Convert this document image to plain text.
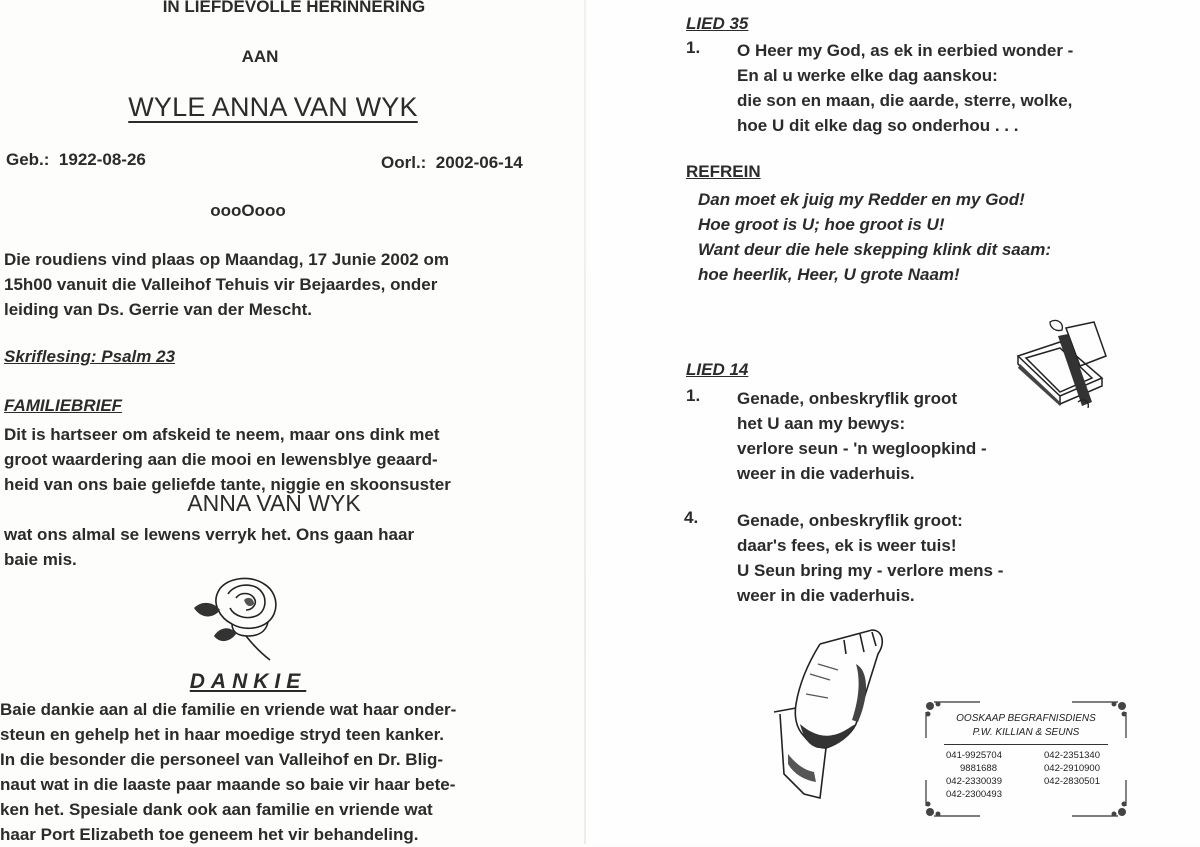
IN LIEFDEVOLLE HERINNERING
AAN
WYLE ANNA VAN WYK
Geb.: 1922-08-26	Oorl.: 2002-06-14
oooOooo
Die roudiens vind plaas op Maandag, 17 Junie 2002 om
15h00 vanuit die Valleihof Tehuis vir Bejaardes, onder
leiding van Ds. Gerrie van der Mescht.
Skriflesing: Psalm 23
FAMILIEBRIEF
Dit is hartseer om afskeid te neem, maar ons dink met
groot waardering aan die mooi en lewensblye geaard-
heid van ons baie geliefde tante, niggie en skoonsuster
ANNA VAN WYK
wat ons almal se lewens verryk het. Ons gaan haar
baie mis.
DANKIE
Baie dankie aan al die familie en vriende wat haar onder-
steun en gehelp het in haar moedige stryd teen kanker.
In die besonder die personeel van Valleihof en Dr. Blig-
naut wat in die laaste paar maande so baie vir haar bete-
ken het. Spesiale dank ook aan familie en vriende wat
haar Port Elizabeth toe geneem het vir behandeling.
LIED 35
1. O Heer my God, as ek in eerbied wonder -
En al u werke elke dag aanskou:
die son en maan, die aarde, sterre, wolke,
hoe U dit elke dag so onderhou . . .
REFREIN
Dan moet ek juig my Redder en my God!
Hoe groot is U; hoe groot is U!
Want deur die hele skepping klink dit saam:
hoe heerlik, Heer, U grote Naam!
LIED 14
1. Genade, onbeskryflik groot
het U aan my bewys:
verlore seun - 'n wegloopkind -
weer in die vaderhuis.
4. Genade, onbeskryflik groot:
daar's fees, ek is weer tuis!
U Seun bring my - verlore mens -
weer in die vaderhuis.
OOSKAAP BEGRAFNISDIENS
P.W. KILLIAN & SEUNS
041-9925704
9881688
042-2330039
042-2300493
042-2351340
042-2910900
042-2830501
